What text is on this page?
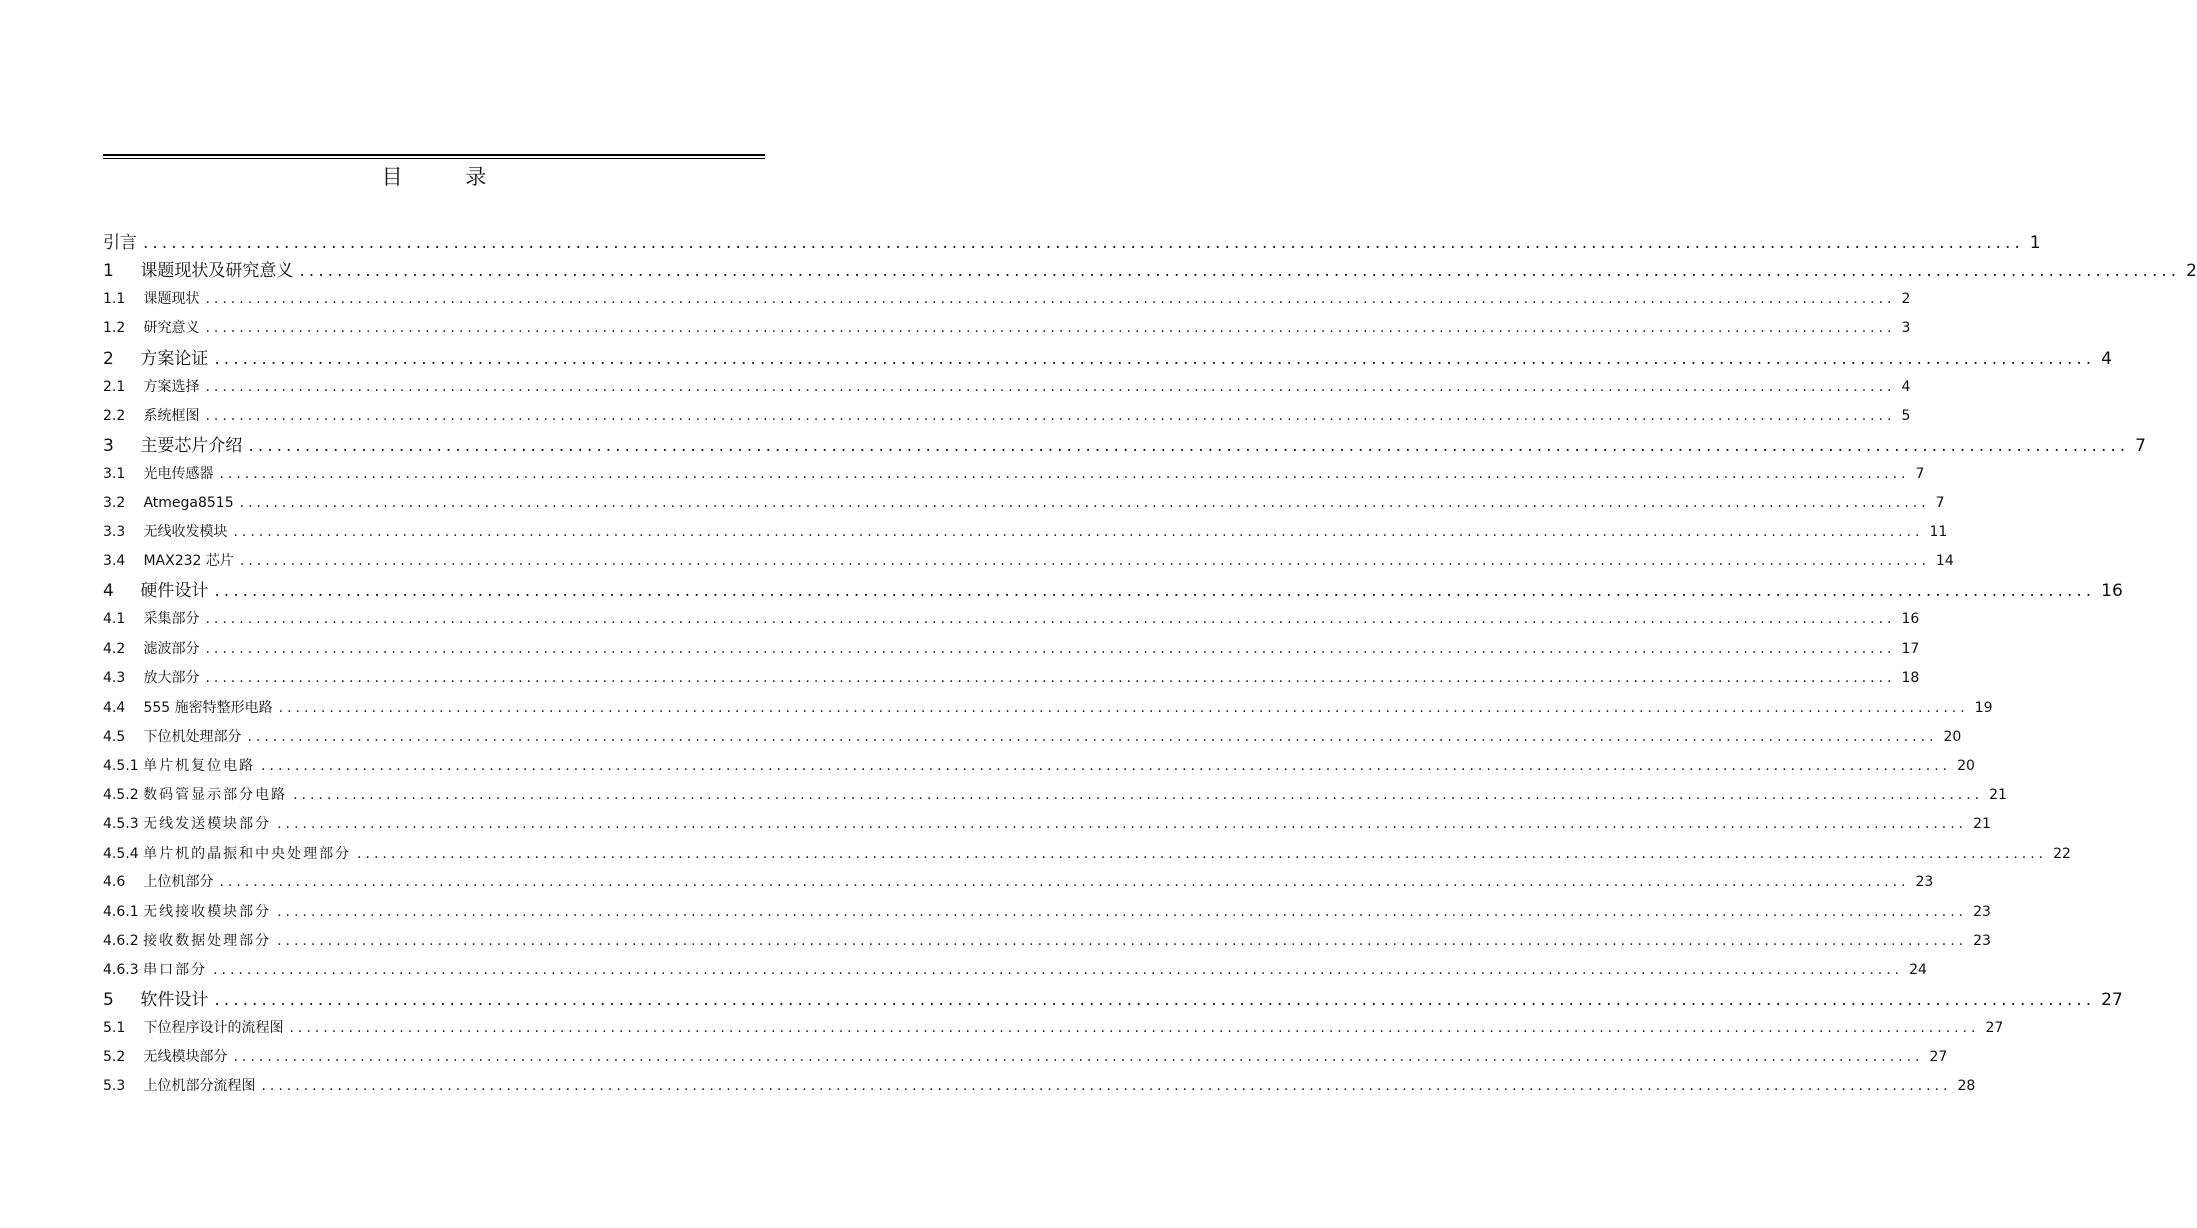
目 录
引言 ........................................................................................................................................................................................................ 1
1 课题现状及研究意义 ........................................................................................................................................................................................................ 2
1.1 课题现状 ........................................................................................................................................................................................................ 2
1.2 研究意义 ........................................................................................................................................................................................................ 3
2 方案论证 ........................................................................................................................................................................................................ 4
2.1 方案选择 ........................................................................................................................................................................................................ 4
2.2 系统框图 ........................................................................................................................................................................................................ 5
3 主要芯片介绍 ........................................................................................................................................................................................................ 7
3.1 光电传感器 ........................................................................................................................................................................................................ 7
3.2 Atmega8515 ........................................................................................................................................................................................................ 7
3.3 无线收发模块 ........................................................................................................................................................................................................ 11
3.4 MAX232 芯片 ........................................................................................................................................................................................................ 14
4 硬件设计 ........................................................................................................................................................................................................ 16
4.1 采集部分 ........................................................................................................................................................................................................ 16
4.2 滤波部分 ........................................................................................................................................................................................................ 17
4.3 放大部分 ........................................................................................................................................................................................................ 18
4.4 555 施密特整形电路 ........................................................................................................................................................................................................ 19
4.5 下位机处理部分 ........................................................................................................................................................................................................ 20
4.5.1 单片机复位电路 ........................................................................................................................................................................................................ 20
4.5.2 数码管显示部分电路 ........................................................................................................................................................................................................ 21
4.5.3 无线发送模块部分 ........................................................................................................................................................................................................ 21
4.5.4 单片机的晶振和中央处理部分 ........................................................................................................................................................................................................ 22
4.6 上位机部分 ........................................................................................................................................................................................................ 23
4.6.1 无线接收模块部分 ........................................................................................................................................................................................................ 23
4.6.2 接收数据处理部分 ........................................................................................................................................................................................................ 23
4.6.3 串口部分 ........................................................................................................................................................................................................ 24
5 软件设计 ........................................................................................................................................................................................................ 27
5.1 下位程序设计的流程图 ........................................................................................................................................................................................................ 27
5.2 无线模块部分 ........................................................................................................................................................................................................ 27
5.3 上位机部分流程图 ........................................................................................................................................................................................................ 28
